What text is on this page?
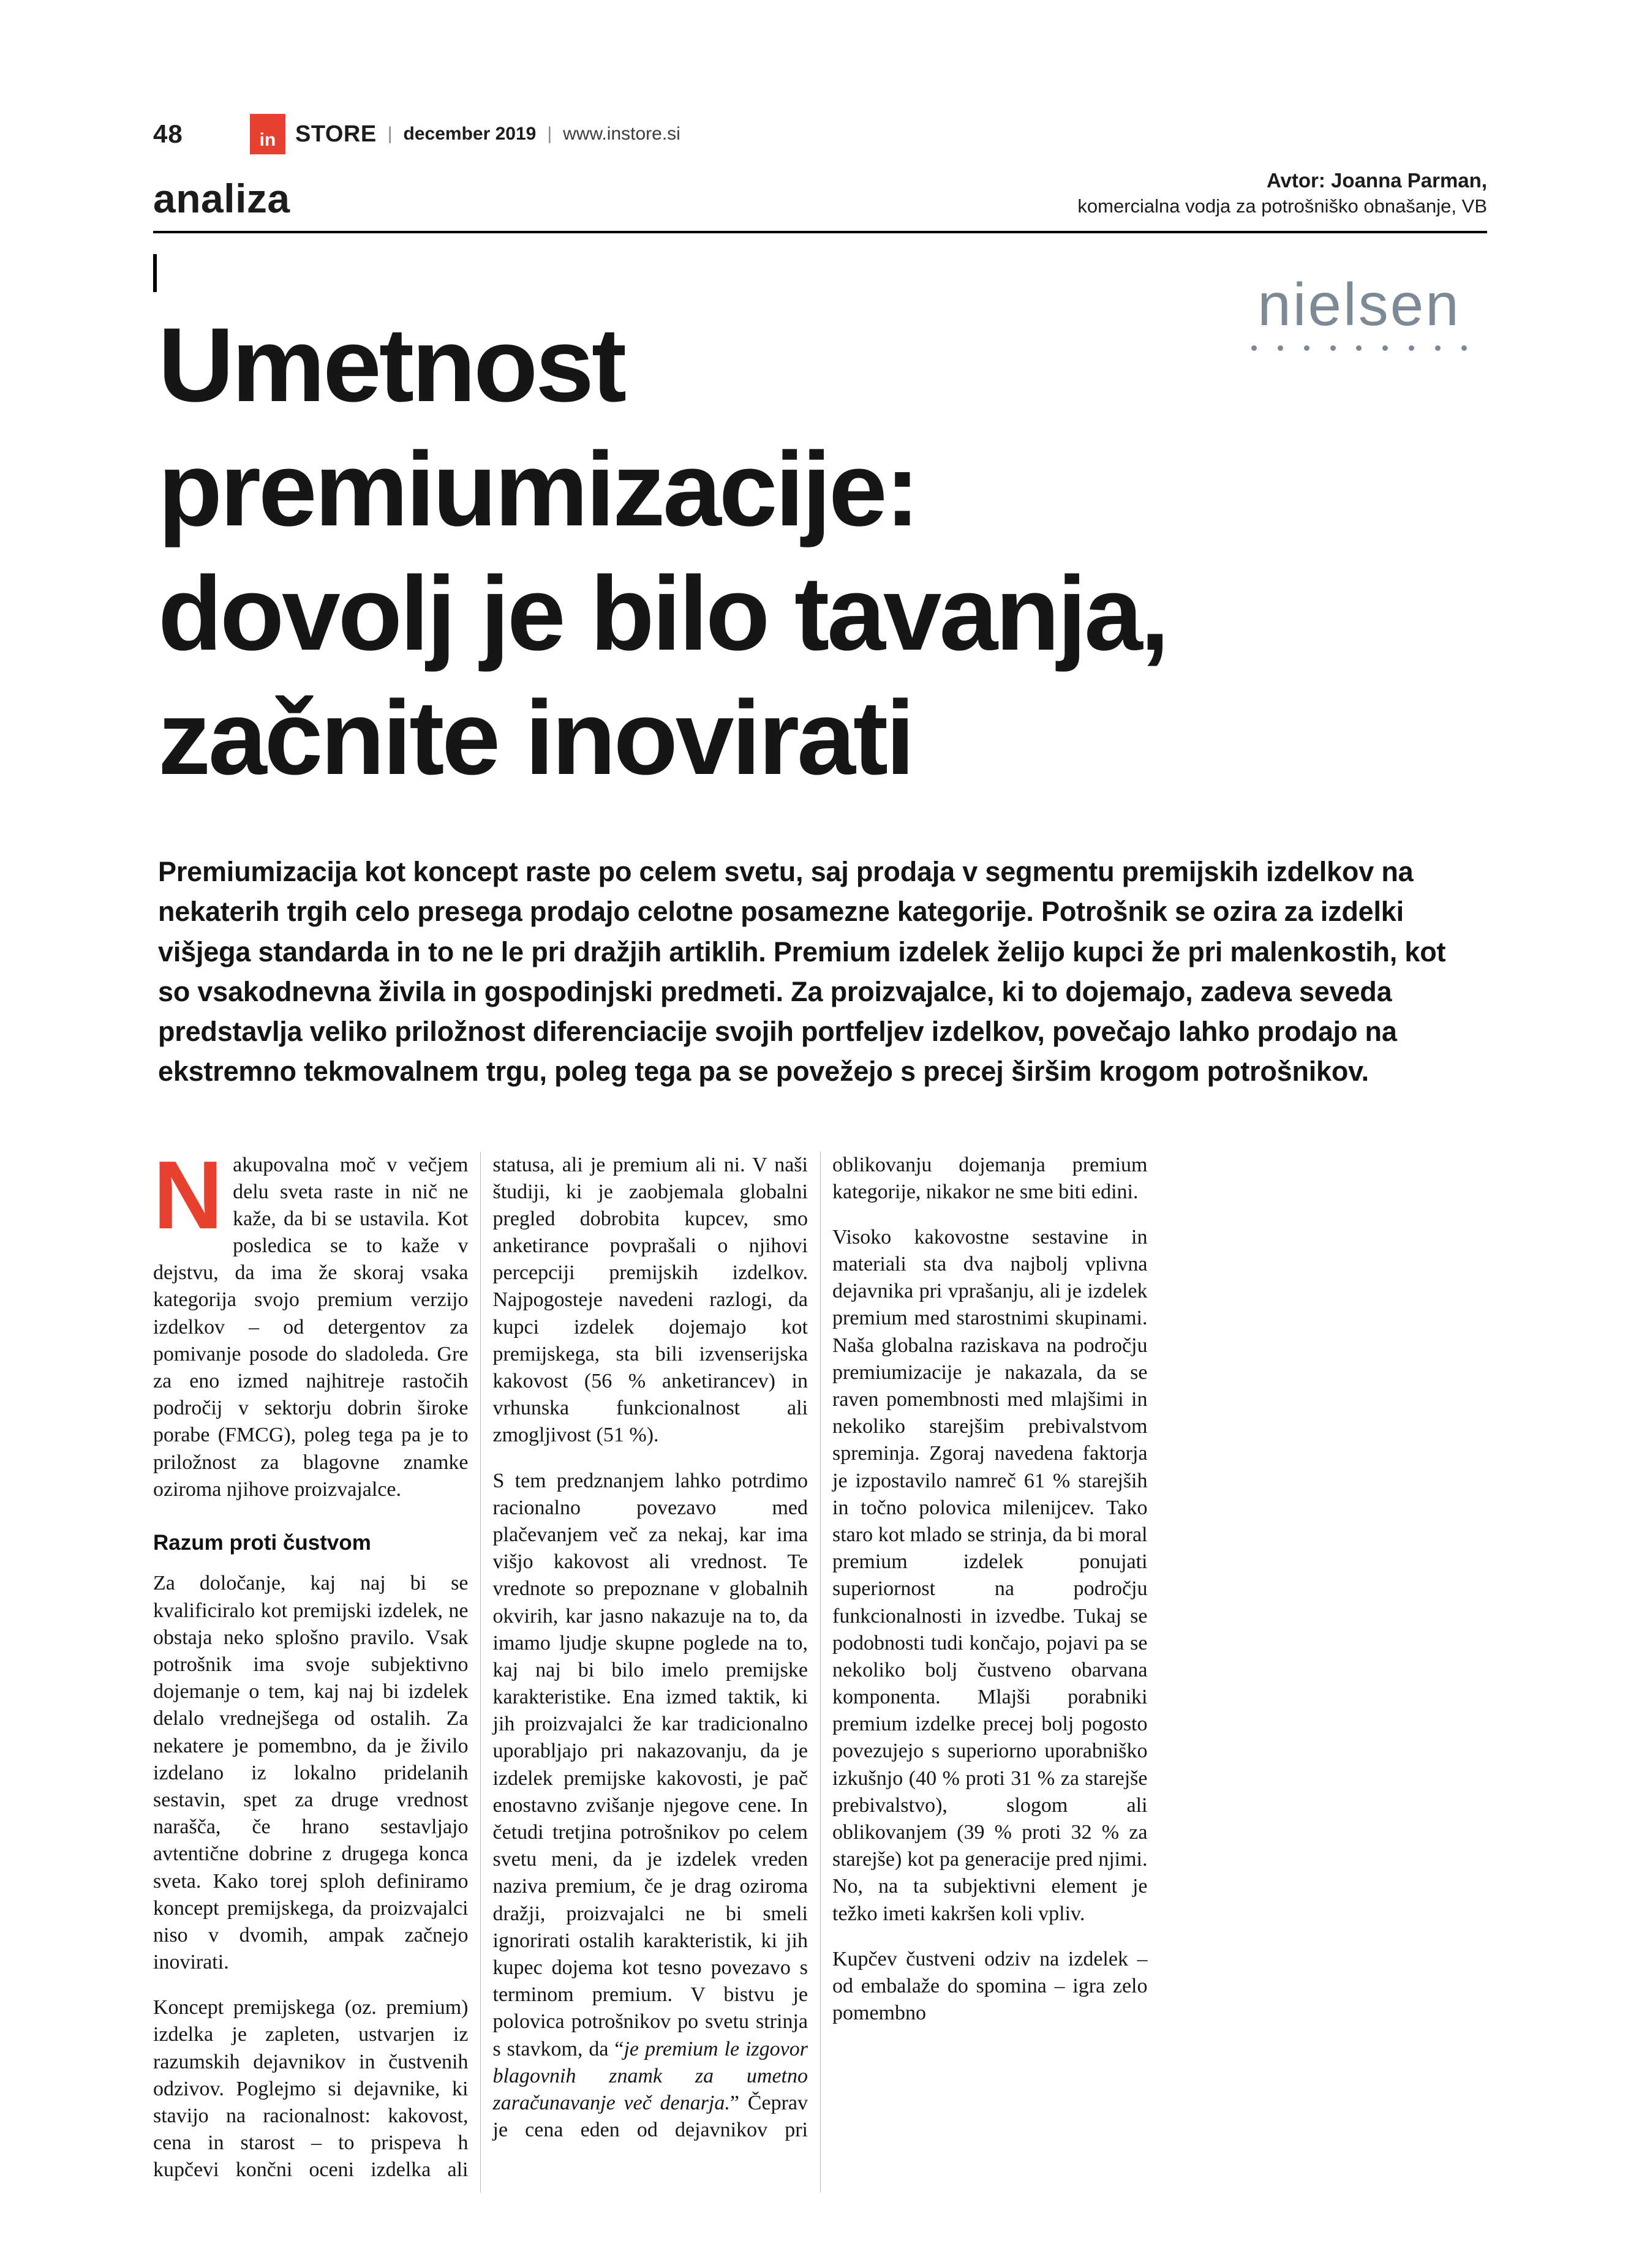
48	in STORE | december 2019 | www.instore.si
analiza	Avtor: Joanna Parman,
komercialna vodja za potrošniško obnašanje, VB
nielsen
Umetnost
premiumizacije:
dovolj je bilo tavanja,
začnite inovirati

Premiumizacija kot koncept raste po celem svetu, saj prodaja v segmentu premijskih izdelkov na nekaterih trgih celo presega prodajo celotne posamezne kategorije. Potrošnik se ozira za izdelki višjega standarda in to ne le pri dražjih artiklih. Premium izdelek želijo kupci že pri malenkostih, kot so vsakodnevna živila in gospodinjski predmeti. Za proizvajalce, ki to dojemajo, zadeva seveda predstavlja veliko priložnost diferenciacije svojih portfeljev izdelkov, povečajo lahko prodajo na ekstremno tekmovalnem trgu, poleg tega pa se povežejo s precej širšim krogom potrošnikov.

Nakupovalna moč v večjem delu sveta raste in nič ne kaže, da bi se ustavila. Kot posledica se to kaže v dejstvu, da ima že skoraj vsaka kategorija svojo premium verzijo izdelkov – od detergentov za pomivanje posode do sladoleda. Gre za eno izmed najhitreje rastočih področij v sektorju dobrin široke porabe (FMCG), poleg tega pa je to priložnost za blagovne znamke oziroma njihove proizvajalce.

Razum proti čustvom

Za določanje, kaj naj bi se kvalificiralo kot premijski izdelek, ne obstaja neko splošno pravilo. Vsak potrošnik ima svoje subjektivno dojemanje o tem, kaj naj bi izdelek delalo vrednejšega od ostalih. Za nekatere je pomembno, da je živilo izdelano iz lokalno pridelanih sestavin, spet za druge vrednost narašča, če hrano sestavljajo avtentične dobrine z drugega konca sveta. Kako torej sploh definiramo koncept premijskega, da proizvajalci niso v dvomih, ampak začnejo inovirati.

Koncept premijskega (oz. premium) izdelka je zapleten, ustvarjen iz razumskih dejavnikov in čustvenih odzivov. Poglejmo si dejavnike, ki stavijo na racionalnost: kakovost, cena in starost – to prispeva h kupčevi končni oceni izdelka ali statusa, ali je premium ali ni. V naši študiji, ki je zaobjemala globalni pregled dobrobita kupcev, smo anketirance povprašali o njihovi percepciji premijskih izdelkov. Najpogosteje navedeni razlogi, da kupci izdelek dojemajo kot premijskega, sta bili izvenserijska kakovost (56 % anketirancev) in vrhunska funkcionalnost ali zmogljivost (51 %).

S tem predznanjem lahko potrdimo racionalno povezavo med plačevanjem več za nekaj, kar ima višjo kakovost ali vrednost. Te vrednote so prepoznane v globalnih okvirih, kar jasno nakazuje na to, da imamo ljudje skupne poglede na to, kaj naj bi bilo imelo premijske karakteristike. Ena izmed taktik, ki jih proizvajalci že kar tradicionalno uporabljajo pri nakazovanju, da je izdelek premijske kakovosti, je pač enostavno zvišanje njegove cene. In četudi tretjina potrošnikov po celem svetu meni, da je izdelek vreden naziva premium, če je drag oziroma dražji, proizvajalci ne bi smeli ignorirati ostalih karakteristik, ki jih kupec dojema kot tesno povezavo s terminom premium. V bistvu je polovica potrošnikov po svetu strinja s stavkom, da “je premium le izgovor blagovnih znamk za umetno zaračunavanje več denarja.” Čeprav je cena eden od dejavnikov pri oblikovanju dojemanja premium kategorije, nikakor ne sme biti edini.

Visoko kakovostne sestavine in materiali sta dva najbolj vplivna dejavnika pri vprašanju, ali je izdelek premium med starostnimi skupinami. Naša globalna raziskava na področju premiumizacije je nakazala, da se raven pomembnosti med mlajšimi in nekoliko starejšim prebivalstvom spreminja. Zgoraj navedena faktorja je izpostavilo namreč 61 % starejših in točno polovica milenijcev. Tako staro kot mlado se strinja, da bi moral premium izdelek ponujati superiornost na področju funkcionalnosti in izvedbe. Tukaj se podobnosti tudi končajo, pojavi pa se nekoliko bolj čustveno obarvana komponenta. Mlajši porabniki premium izdelke precej bolj pogosto povezujejo s superiorno uporabniško izkušnjo (40 % proti 31 % za starejše prebivalstvo), slogom ali oblikovanjem (39 % proti 32 % za starejše) kot pa generacije pred njimi. No, na ta subjektivni element je težko imeti kakršen koli vpliv.

Kupčev čustveni odziv na izdelek – od embalaže do spomina – igra zelo pomembno
